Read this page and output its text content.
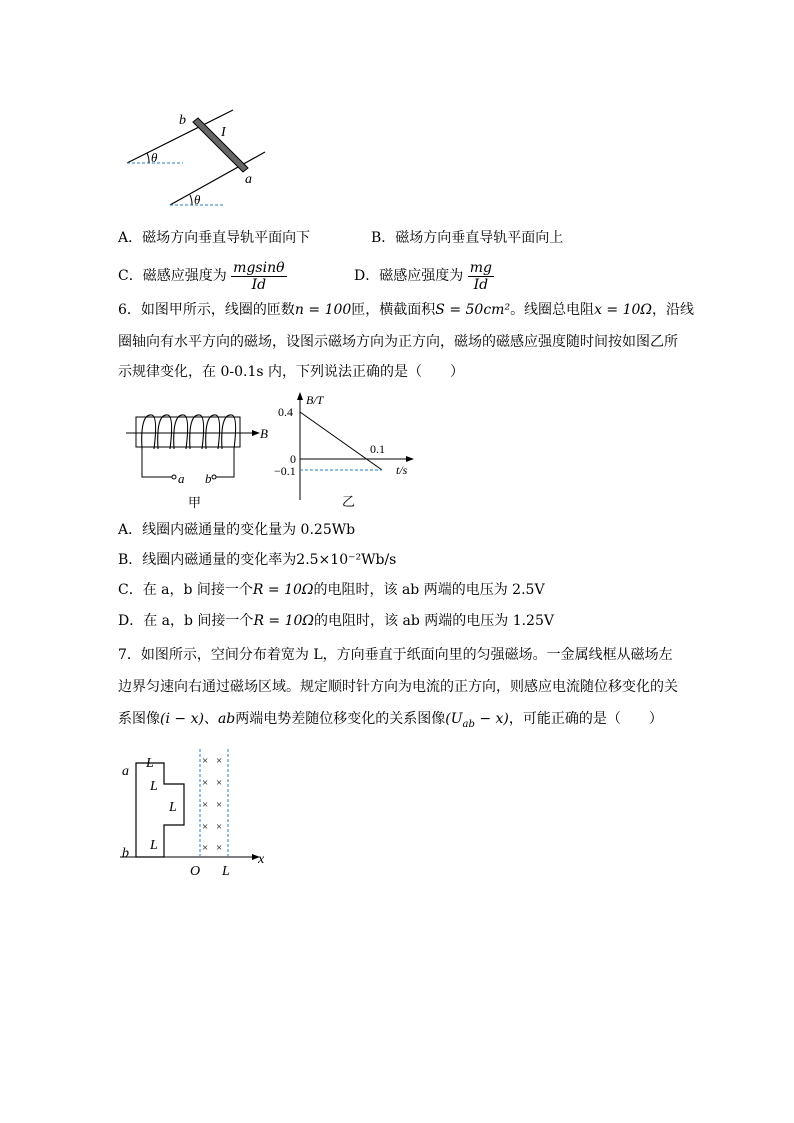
θ
θ
b
a
I
A．磁场方向垂直导轨平面向下	B．磁场方向垂直导轨平面向上
C．磁感应强度为 $\frac{mgsin\theta}{Id}$	D．磁感应强度为 $\frac{mg}{Id}$
6．如图甲所示，线圈的匝数n = 100匝，横截面积S = 50cm²。线圈总电阻x = 10Ω，沿线
圈轴向有水平方向的磁场，设图示磁场方向为正方向，磁场的磁感应强度随时间按如图乙所
示规律变化，在 0-0.1s 内，下列说法正确的是（　　）
B
a b
甲
B/T
0.4
0
−0.1
0.1
t/s
乙
A．线圈内磁通量的变化量为 0.25Wb
B．线圈内磁通量的变化率为2.5×10⁻²Wb/s
C．在 a，b 间接一个R = 10Ω的电阻时，该 ab 两端的电压为 2.5V
D．在 a，b 间接一个R = 10Ω的电阻时，该 ab 两端的电压为 1.25V
7．如图所示，空间分布着宽为 L，方向垂直于纸面向里的匀强磁场。一金属线框从磁场左
边界匀速向右通过磁场区域。规定顺时针方向为电流的正方向，则感应电流随位移变化的关
系图像(i − x)、ab两端电势差随位移变化的关系图像$(U_{ab} - x)$，可能正确的是（　　）
× ×
× ×
× ×
× ×
× ×
a
b
L
L
L
L
O L
x
